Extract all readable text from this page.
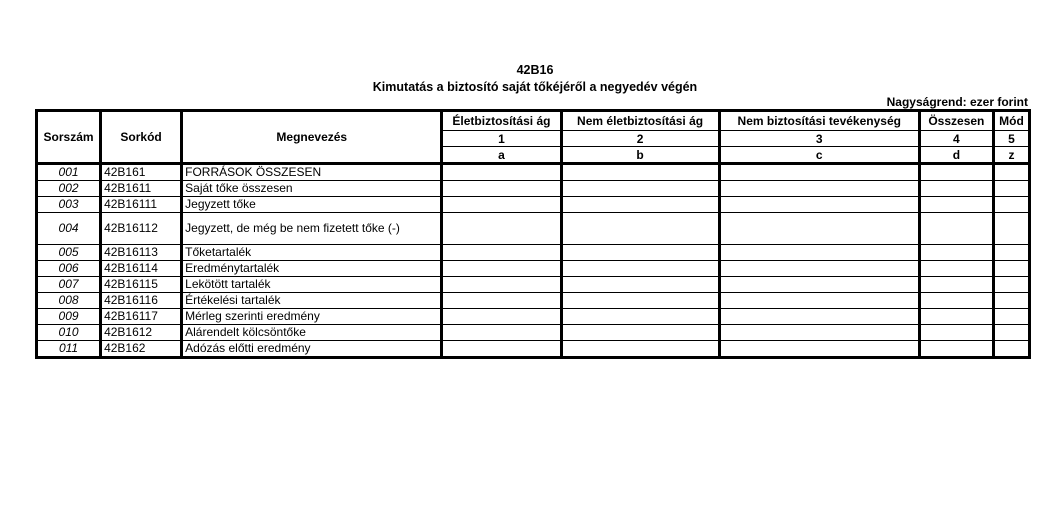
42B16
Kimutatás a biztosító saját tőkéjéről a negyedév végén
Nagyságrend: ezer forint
Sorszám	Sorkód	Megnevezés	Életbiztosítási ág	Nem életbiztosítási ág	Nem biztosítási tevékenység	Összesen	Mód
			1	2	3	4	5
			a	b	c	d	z
001	42B161	FORRÁSOK ÖSSZESEN					
002	42B1611	Saját tőke összesen					
003	42B16111	Jegyzett tőke					
004	42B16112	Jegyzett, de még be nem fizetett tőke (-)					
005	42B16113	Tőketartalék					
006	42B16114	Eredménytartalék					
007	42B16115	Lekötött tartalék					
008	42B16116	Értékelési tartalék					
009	42B16117	Mérleg szerinti eredmény					
010	42B1612	Alárendelt kölcsöntőke					
011	42B162	Adózás előtti eredmény					
